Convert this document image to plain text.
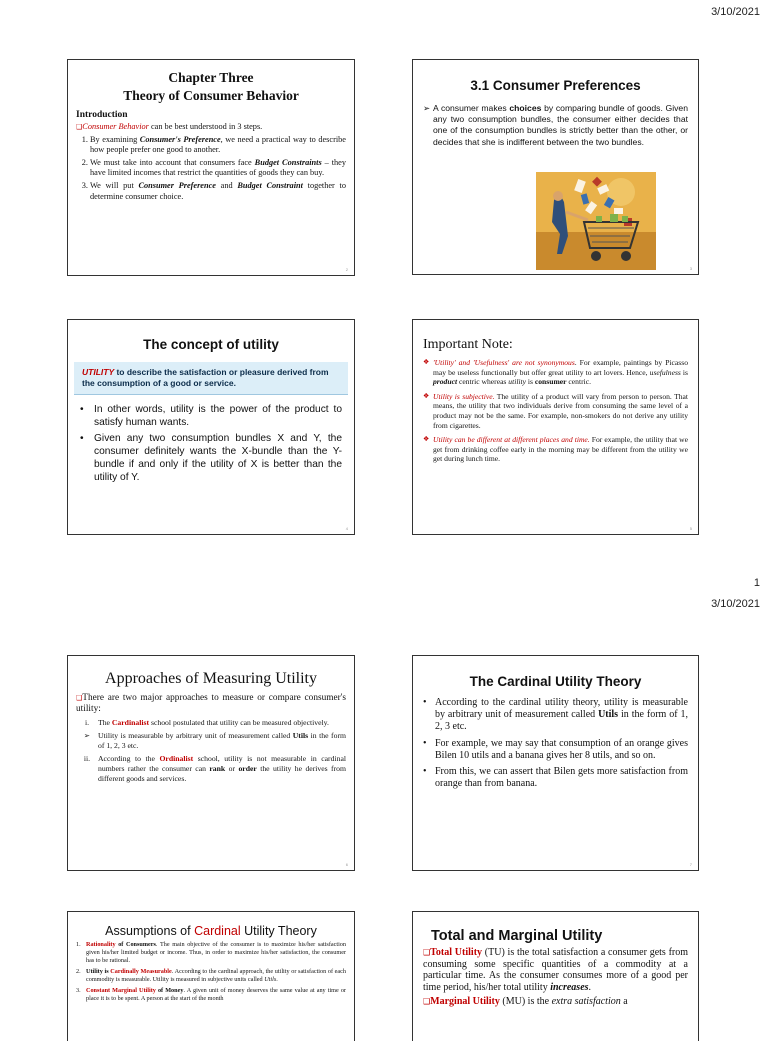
3/10/2021
1
3/10/2021
Chapter Three
Theory of Consumer Behavior
Introduction

❑Consumer Behavior can be best understood in 3 steps.

1. By examining Consumer's Preference, we need a practical way to describe how people prefer one good to another.
2. We must take into account that consumers face Budget Constraints – they have limited incomes that restrict the quantities of goods they can buy.
3. We will put Consumer Preference and Budget Constraint together to determine consumer choice.
2
3.1 Consumer Preferences
➢ A consumer makes choices by comparing bundle of goods. Given any two consumption bundles, the consumer either decides that one of the consumption bundles is strictly better than the other, or decides that she is indifferent between the two bundles.
3
The concept of utility
UTILITY to describe the satisfaction or pleasure derived from the consumption of a good or service.
•	In other words, utility is the power of the product to satisfy human wants.
•	Given any two consumption bundles X and Y, the consumer definitely wants the X-bundle than the Y-bundle if and only if the utility of X is better than the utility of Y.
4
Important Note:
❖ 'Utility' and 'Usefulness' are not synonymous. For example, paintings by Picasso may be useless functionally but offer great utility to art lovers. Hence, usefulness is product centric whereas utility is consumer centric.
❖ Utility is subjective. The utility of a product will vary from person to person. That means, the utility that two individuals derive from consuming the same level of a product may not be the same. For example, non-smokers do not derive any utility from cigarettes.
❖ Utility can be different at different places and time. For example, the utility that we get from drinking coffee early in the morning may be different from the utility we get during lunch time.
5
Approaches of Measuring Utility
❑There are two major approaches to measure or compare consumer's utility:
i.	The Cardinalist school postulated that utility can be measured objectively.
➢	Utility is measurable by arbitrary unit of measurement called Utils in the form of 1, 2, 3 etc.
ii.	According to the Ordinalist school, utility is not measurable in cardinal numbers rather the consumer can rank or order the utility he derives from different goods and services.
6
The Cardinal Utility Theory
• According to the cardinal utility theory, utility is measurable by arbitrary unit of measurement called Utils in the form of 1, 2, 3 etc.
• For example, we may say that consumption of an orange gives Bilen 10 utils and a banana gives her 8 utils, and so on.
• From this, we can assert that Bilen gets more satisfaction from orange than from banana.
7
Assumptions of Cardinal Utility Theory
1. Rationality of Consumers. The main objective of the consumer is to maximize his/her satisfaction given his/her limited budget or income. Thus, in order to maximize his/her satisfaction, the consumer has to be rational.
2. Utility is Cardinally Measurable. According to the cardinal approach, the utility or satisfaction of each commodity is measurable. Utility is measured in subjective units called Utils.
3. Constant Marginal Utility of Money. A given unit of money deserves the same value at any time or place it is to be spent. A person at the start of the month
Total and Marginal Utility
❑Total Utility (TU) is the total satisfaction a consumer gets from consuming some specific quantities of a commodity at a particular time. As the consumer consumes more of a good per time period, his/her total utility increases.
❑Marginal Utility (MU) is the extra satisfaction a
